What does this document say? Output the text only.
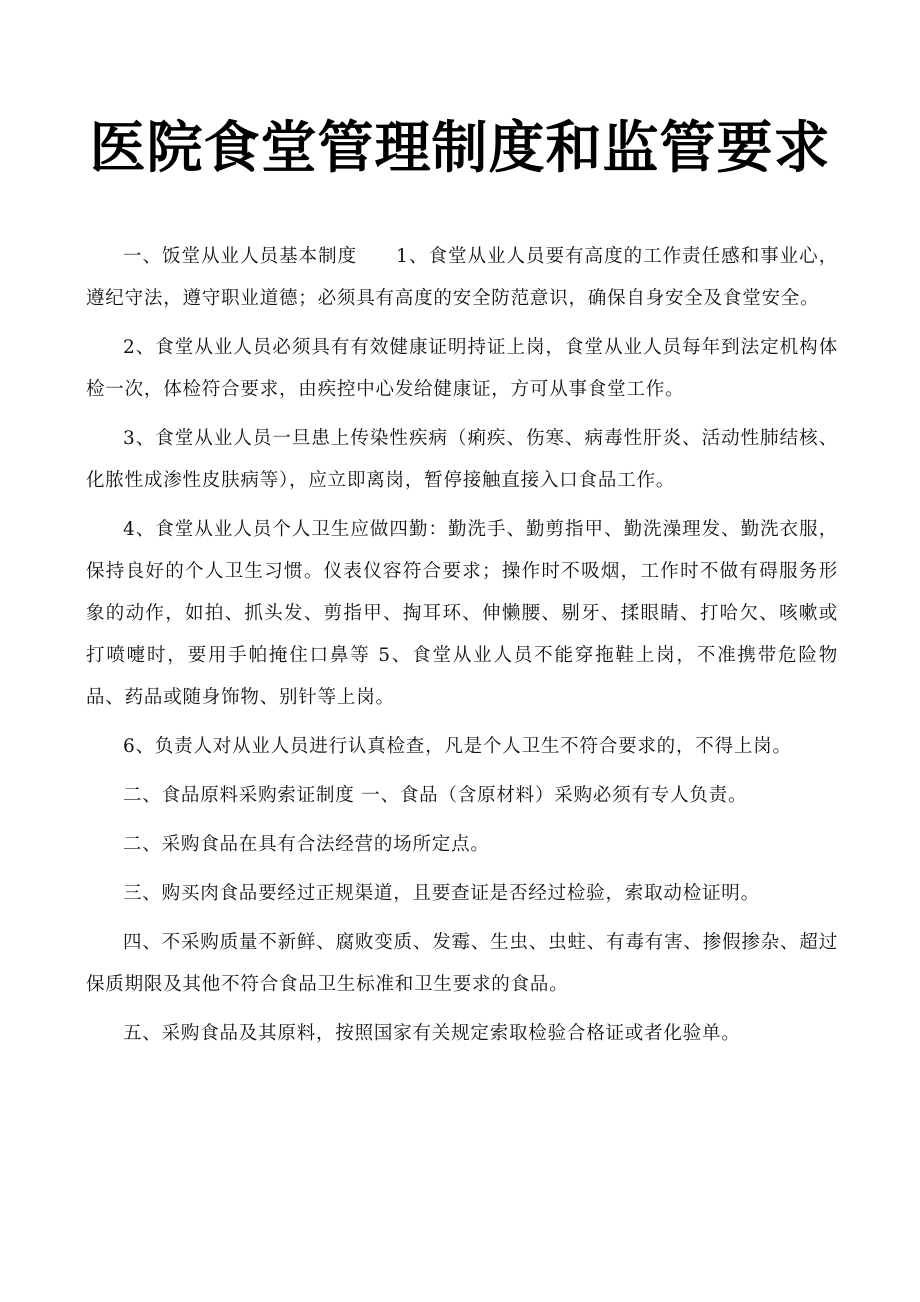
医院食堂管理制度和监管要求

一、饭堂从业人员基本制度　　1、食堂从业人员要有高度的工作责任感和事业心，遵纪守法，遵守职业道德；必须具有高度的安全防范意识，确保自身安全及食堂安全。

2、食堂从业人员必须具有有效健康证明持证上岗，食堂从业人员每年到法定机构体检一次，体检符合要求，由疾控中心发给健康证，方可从事食堂工作。

3、食堂从业人员一旦患上传染性疾病（痢疾、伤寒、病毒性肝炎、活动性肺结核、化脓性成渗性皮肤病等），应立即离岗，暂停接触直接入口食品工作。

4、食堂从业人员个人卫生应做四勤：勤洗手、勤剪指甲、勤洗澡理发、勤洗衣服，保持良好的个人卫生习惯。仪表仪容符合要求；操作时不吸烟，工作时不做有碍服务形象的动作，如拍、抓头发、剪指甲、掏耳环、伸懒腰、剔牙、揉眼睛、打哈欠、咳嗽或打喷嚏时，要用手帕掩住口鼻等 5、食堂从业人员不能穿拖鞋上岗，不准携带危险物品、药品或随身饰物、别针等上岗。

6、负责人对从业人员进行认真检查，凡是个人卫生不符合要求的，不得上岗。

二、食品原料采购索证制度 一、食品（含原材料）采购必须有专人负责。

二、采购食品在具有合法经营的场所定点。

三、购买肉食品要经过正规渠道，且要查证是否经过检验，索取动检证明。

四、不采购质量不新鲜、腐败变质、发霉、生虫、虫蛀、有毒有害、掺假掺杂、超过保质期限及其他不符合食品卫生标准和卫生要求的食品。

五、采购食品及其原料，按照国家有关规定索取检验合格证或者化验单。
